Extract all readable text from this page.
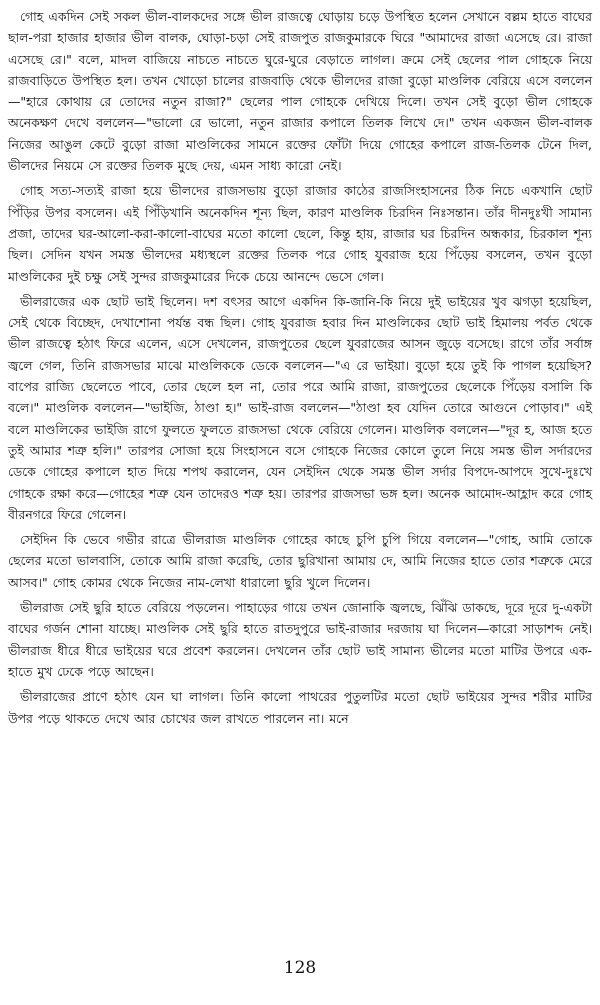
গোহ একদিন সেই সকল ভীল-বালকদের সঙ্গে ভীল রাজত্বে ঘোড়ায় চড়ে উপস্থিত হলেন সেখানে বল্লম হাতে বাঘের ছাল-পরা হাজার হাজার ভীল বালক, ঘোড়া-চড়া সেই রাজপুত রাজকুমারকে ঘিরে "আমাদের রাজা এসেছে রে। রাজা এসেছে রে।" বলে, মাদল বাজিয়ে নাচতে নাচতে ঘুরে-ঘুরে বেড়াতে লাগল। ক্রমে সেই ছেলের পাল গোহকে নিয়ে রাজবাড়িতে উপস্থিত হল। তখন খোড়ো চালের রাজবাড়ি থেকে ভীলদের রাজা বুড়ো মাণ্ডলিক বেরিয়ে এসে বললেন—"হারে কোথায় রে তোদের নতুন রাজা?" ছেলের পাল গোহকে দেখিয়ে দিলে। তখন সেই বুড়ো ভীল গোহকে অনেকক্ষণ দেখে বললেন—"ভালো রে ভালো, নতুন রাজার কপালে তিলক লিখে দে।" তখন একজন ভীল-বালক নিজের আঙুল কেটে বুড়ো রাজা মাণ্ডলিকের সামনে রক্তের ফোঁটা দিয়ে গোহের কপালে রাজ-তিলক টেনে দিল, ভীলদের নিয়মে সে রক্তের তিলক মুছে দেয়, এমন সাধ্য কারো নেই।

গোহ সত্য-সত্যই রাজা হয়ে ভীলদের রাজসভায় বুড়ো রাজার কাঠের রাজসিংহাসনের ঠিক নিচে একখানি ছোট পিঁড়ির উপর বসলেন। এই পিঁড়িখানি অনেকদিন শূন্য ছিল, কারণ মাণ্ডলিক চিরদিন নিঃসন্তান। তাঁর দীনদুঃখী সামান্য প্রজা, তাদের ঘর-আলো-করা-কালো-বাঘের মতো কালো ছেলে, কিন্তু হায়, রাজার ঘর চিরদিন অন্ধকার, চিরকাল শূন্য ছিল। সেদিন যখন সমস্ত ভীলদের মধ্যস্থলে রক্তের তিলক পরে গোহ যুবরাজ হয়ে পিঁড়েয় বসলেন, তখন বুড়ো মাণ্ডলিকের দুই চক্ষু সেই সুন্দর রাজকুমারের দিকে চেয়ে আনন্দে ভেসে গেল।

ভীলরাজের এক ছোট ভাই ছিলেন। দশ বৎসর আগে একদিন কি-জানি-কি নিয়ে দুই ভাইয়ের খুব ঝগড়া হয়েছিল, সেই থেকে বিচ্ছেদ, দেখাশোনা পর্যন্ত বন্ধ ছিল। গোহ যুবরাজ হবার দিন মাণ্ডলিকের ছোট ভাই হিমালয় পর্বত থেকে ভীল রাজত্বে হঠাৎ ফিরে এলেন, এসে দেখলেন, রাজপুতের ছেলে যুবরাজের আসন জুড়ে বসেছে। রাগে তাঁর সর্বাঙ্গ জ্বলে গেল, তিনি রাজসভার মাঝে মাণ্ডলিককে ডেকে বললেন—"এ রে ভাইয়া। বুড়ো হয়ে তুই কি পাগল হয়েছিস? বাপের রাজ্যি ছেলেতে পাবে, তোর ছেলে হল না, তোর পরে আমি রাজা, রাজপুতের ছেলেকে পিঁড়েয় বসালি কি বলে।" মাণ্ডলিক বললেন—"ভাইজি, ঠাণ্ডা হ।" ভাই-রাজ বললেন—"ঠাণ্ডা হব যেদিন তোরে আগুনে পোড়াব।" এই বলে মাণ্ডলিকের ভাইজি রাগে ফুলতে ফুলতে রাজসভা থেকে বেরিয়ে গেলেন। মাণ্ডলিক বললেন—"দূর হ, আজ হতে তুই আমার শত্রু হলি।" তারপর সোজা হয়ে সিংহাসনে বসে গোহকে নিজের কোলে তুলে নিয়ে সমস্ত ভীল সর্দারদের ডেকে গোহের কপালে হাত দিয়ে শপথ করালেন, যেন সেইদিন থেকে সমস্ত ভীল সর্দার বিপদে-আপদে সুখে-দুঃখে গোহকে রক্ষা করে—গোহের শত্রু যেন তাদেরও শত্রু হয়। তারপর রাজসভা ভঙ্গ হল। অনেক আমোদ-আহ্লাদ করে গোহ বীরনগরে ফিরে গেলেন।

সেইদিন কি ভেবে গভীর রাত্রে ভীলরাজ মাণ্ডলিক গোহের কাছে চুপি চুপি গিয়ে বললেন—"গোহ, আমি তোকে ছেলের মতো ভালবাসি, তোকে আমি রাজা করেছি, তোর ছুরিখানা আমায় দে, আমি নিজের হাতে তোর শত্রুকে মেরে আসব।" গোহ কোমর থেকে নিজের নাম-লেখা ধারালো ছুরি খুলে দিলেন।

ভীলরাজ সেই ছুরি হাতে বেরিয়ে পড়লেন। পাহাড়ের গায়ে তখন জোনাকি জ্বলছে, ঝিঁঝি ডাকছে, দূরে দূরে দু-একটা বাঘের গর্জন শোনা যাচ্ছে। মাণ্ডলিক সেই ছুরি হাতে রাতদুপুরে ভাই-রাজার দরজায় ঘা দিলেন—কারো সাড়াশব্দ নেই। ভীলরাজ ধীরে ধীরে ভাইয়ের ঘরে প্রবেশ করলেন। দেখলেন তাঁর ছোট ভাই সামান্য ভীলের মতো মাটির উপরে এক-হাতে মুখ ঢেকে পড়ে আছেন।

ভীলরাজের প্রাণে হঠাৎ যেন ঘা লাগল। তিনি কালো পাথরের পুতুলটির মতো ছোট ভাইয়ের সুন্দর শরীর মাটির উপর পড়ে থাকতে দেখে আর চোখের জল রাখতে পারলেন না। মনে

128
